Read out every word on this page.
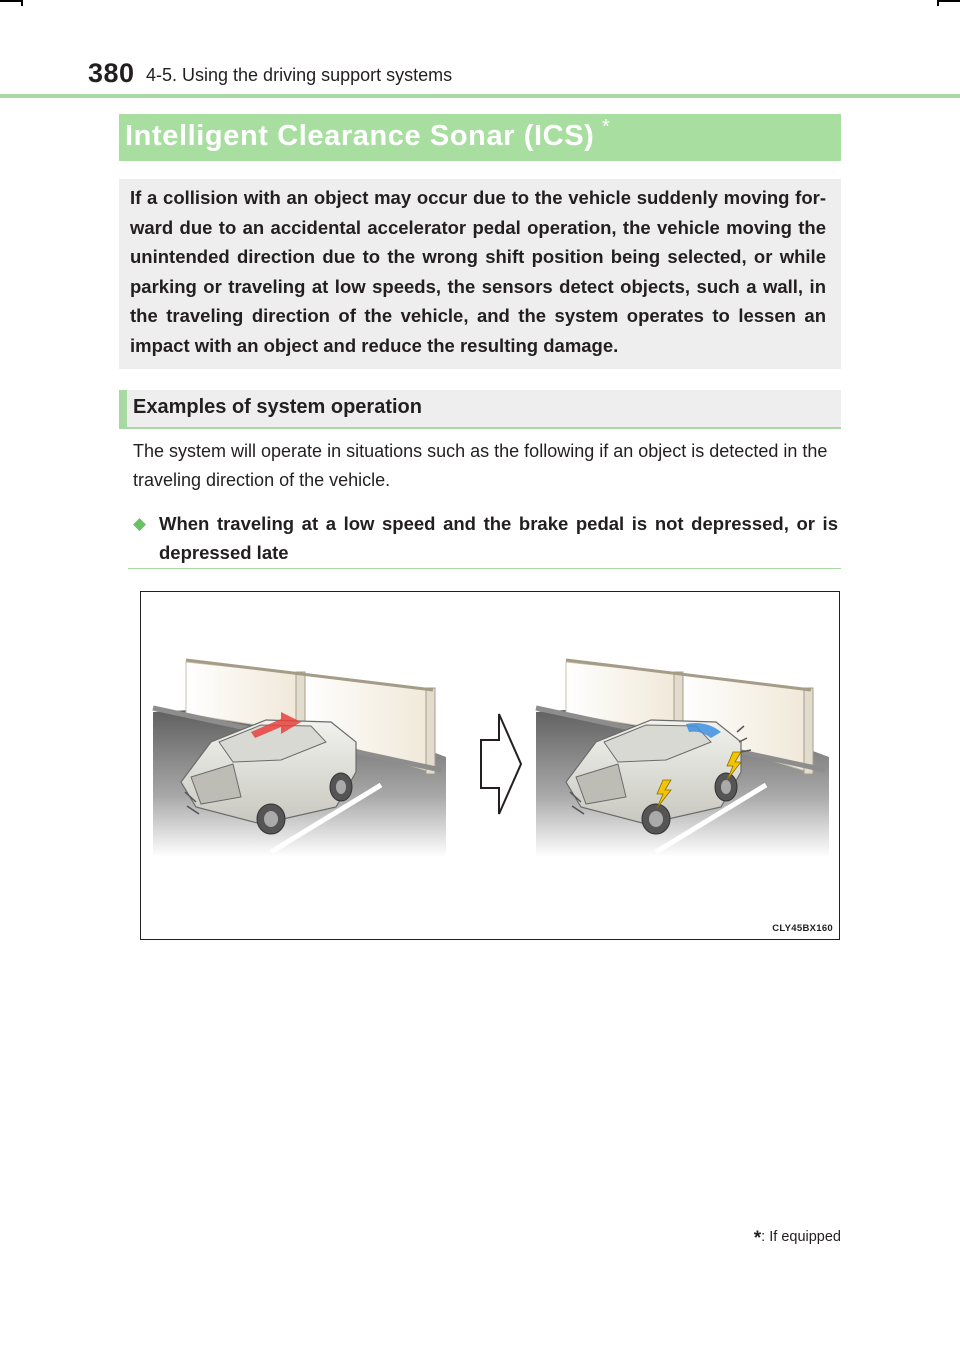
380 4-5. Using the driving support systems
Intelligent Clearance Sonar (ICS) *

If a collision with an object may occur due to the vehicle suddenly moving for-ward due to an accidental accelerator pedal operation, the vehicle moving the unintended direction due to the wrong shift position being selected, or while parking or traveling at low speeds, the sensors detect objects, such a wall, in the traveling direction of the vehicle, and the system operates to lessen an impact with an object and reduce the resulting damage.

Examples of system operation

The system will operate in situations such as the following if an object is detected in the traveling direction of the vehicle.

◆ When traveling at a low speed and the brake pedal is not depressed, or is depressed late
CLY45BX160
*: If equipped
